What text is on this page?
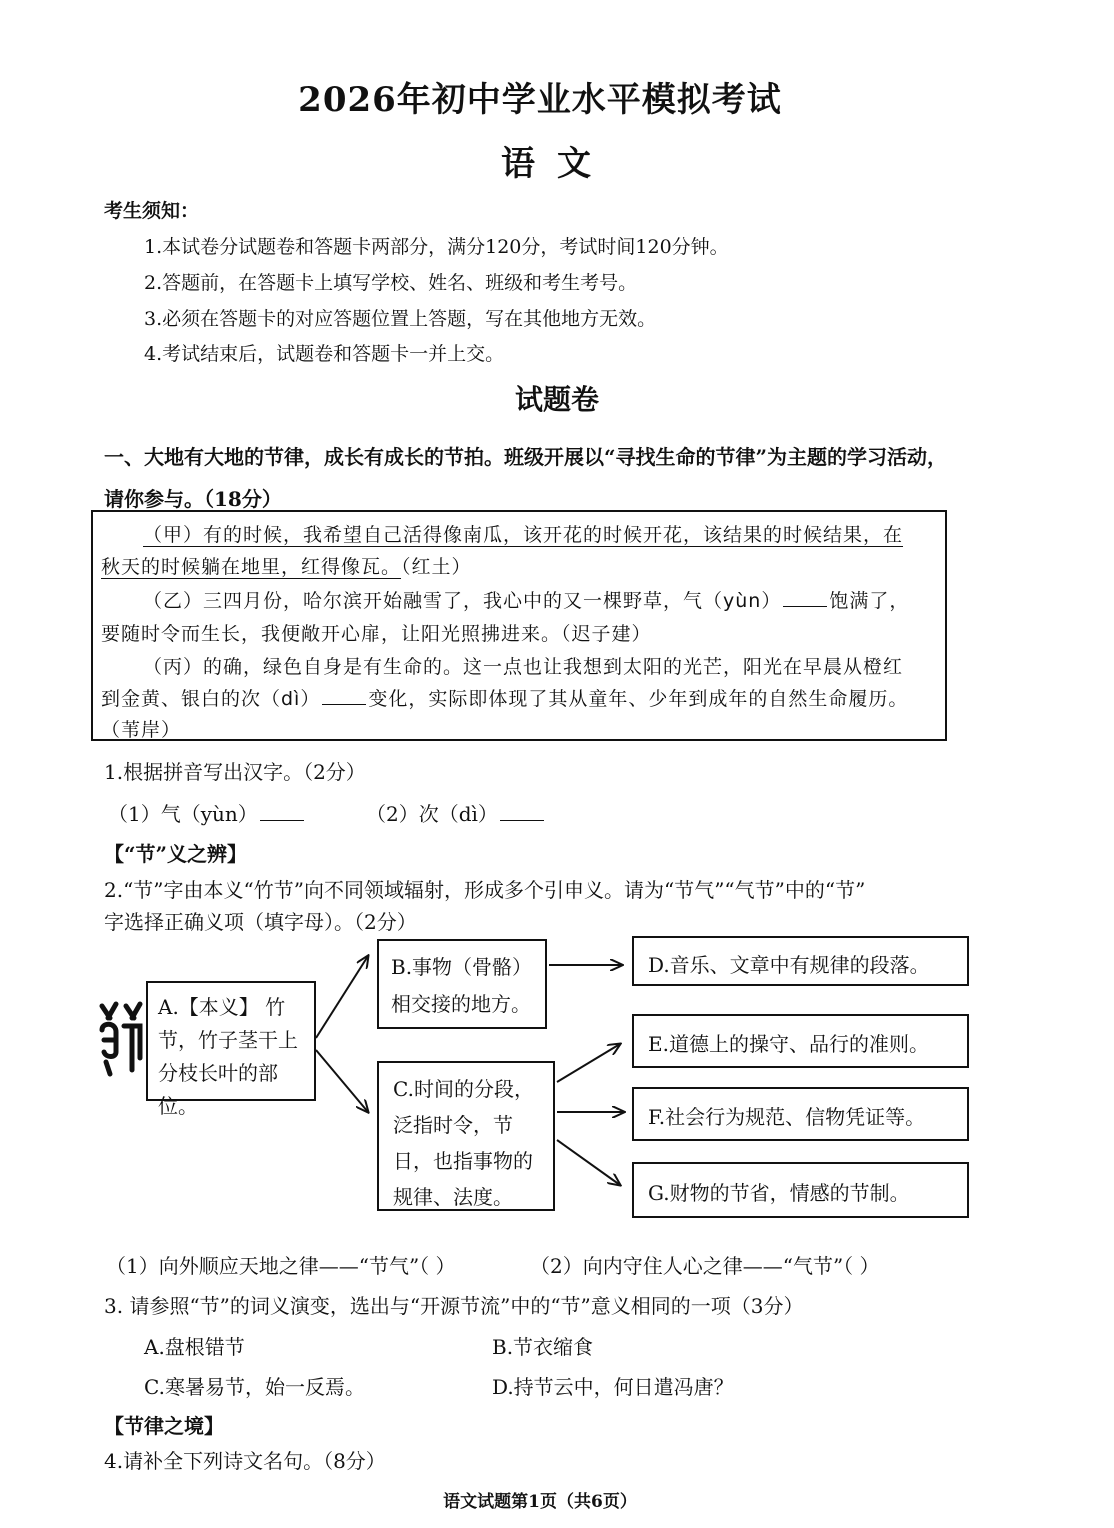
2026年初中学业水平模拟考试
语文
考生须知：
1.本试卷分试题卷和答题卡两部分，满分120分，考试时间120分钟。
2.答题前，在答题卡上填写学校、姓名、班级和考生考号。
3.必须在答题卡的对应答题位置上答题，写在其他地方无效。
4.考试结束后，试题卷和答题卡一并上交。
试题卷
一、大地有大地的节律，成长有成长的节拍。班级开展以“寻找生命的节律”为主题的学习活动，
请你参与。（18分）
（甲）有的时候，我希望自己活得像南瓜，该开花的时候开花，该结果的时候结果，在
秋天的时候躺在地里，红得像瓦。（红土）
（乙）三四月份，哈尔滨开始融雪了，我心中的又一棵野草，气（yùn）	饱满了，
要随时令而生长，我便敞开心扉，让阳光照拂进来。（迟子建）
（丙）的确，绿色自身是有生命的。这一点也让我想到太阳的光芒，阳光在早晨从橙红
到金黄、银白的次（dì）	变化，实际即体现了其从童年、少年到成年的自然生命履历。
（苇岸）
1.根据拼音写出汉字。（2分）
（1）气（yùn）	（2）次（dì）
【“节”义之辨】
2.“节”字由本义“竹节”向不同领域辐射，形成多个引申义。请为“节气”“气节”中的“节”
字选择正确义项（填字母）。（2分）
A.【本义】 竹
节，竹子茎干上
分枝长叶的部
位。
B.事物（骨骼）
相交接的地方。
C.时间的分段，
泛指时令，节
日，也指事物的
规律、法度。
D.音乐、文章中有规律的段落。
E.道德上的操守、品行的准则。
F.社会行为规范、信物凭证等。
G.财物的节省，情感的节制。
（1）向外顺应天地之律——“节气”（ ）	（2）向内守住人心之律——“气节”（ ）
3. 请参照“节”的词义演变，选出与“开源节流”中的“节”意义相同的一项（3分）
A.盘根错节	B.节衣缩食
C.寒暑易节，始一反焉。	D.持节云中，何日遣冯唐？
【节律之境】
4.请补全下列诗文名句。（8分）
语文试题第1页（共6页）
